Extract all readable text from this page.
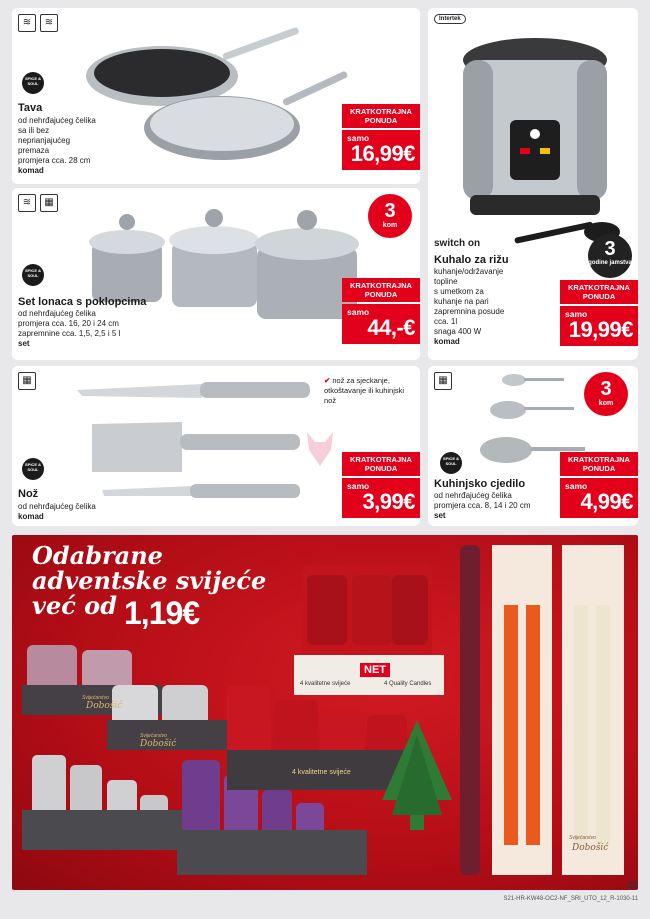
≋	≋
SPICE & SOUL
Tava
od nehrđajućeg čelika
sa ili bez
neprianjajućeg
premaza
promjera cca. 28 cm
komad
KRATKOTRAJNA PONUDA
samo
16,99€
≋	▦
SPICE & SOUL
3
kom
Set lonaca s poklopcima
od nehrđajućeg čelika
promjera cca. 16, 20 i 24 cm
zapremnine cca. 1,5, 2,5 i 5 l
set
KRATKOTRAJNA PONUDA
samo
44,-€
Intertek
switch on	3
godine jamstva
Kuhalo za rižu
kuhanje/održavanje
topline
s umetkom za
kuhanje na pari
zapremnina posude
cca. 1l
snaga 400 W
komad
KRATKOTRAJNA PONUDA
samo
19,99€
▦
SPICE & SOUL
✔ nož za sjeckanje, otkoštavanje ili kuhinjski nož
Nož
od nehrđajućeg čelika
komad
KRATKOTRAJNA PONUDA
samo
3,99€
▦
SPICE & SOUL
3
kom
Kuhinjsko cjedilo
od nehrđajućeg čelika
promjera cca. 8, 14 i 20 cm
set
KRATKOTRAJNA PONUDA
samo
4,99€
Odabrane
adventske svijeće
već od 1,19€
NET
4 kvalitetne svijeće	4 Quality Candles
4 kvalitetne svijeće
Svijećarstvo
Dobošić
Svijećarstvo
Dobošić
Svijećarstvo
Dobošić
21
S21-HR-KW48-OC2-NF_SRI_UTO_12_R-1030-11
